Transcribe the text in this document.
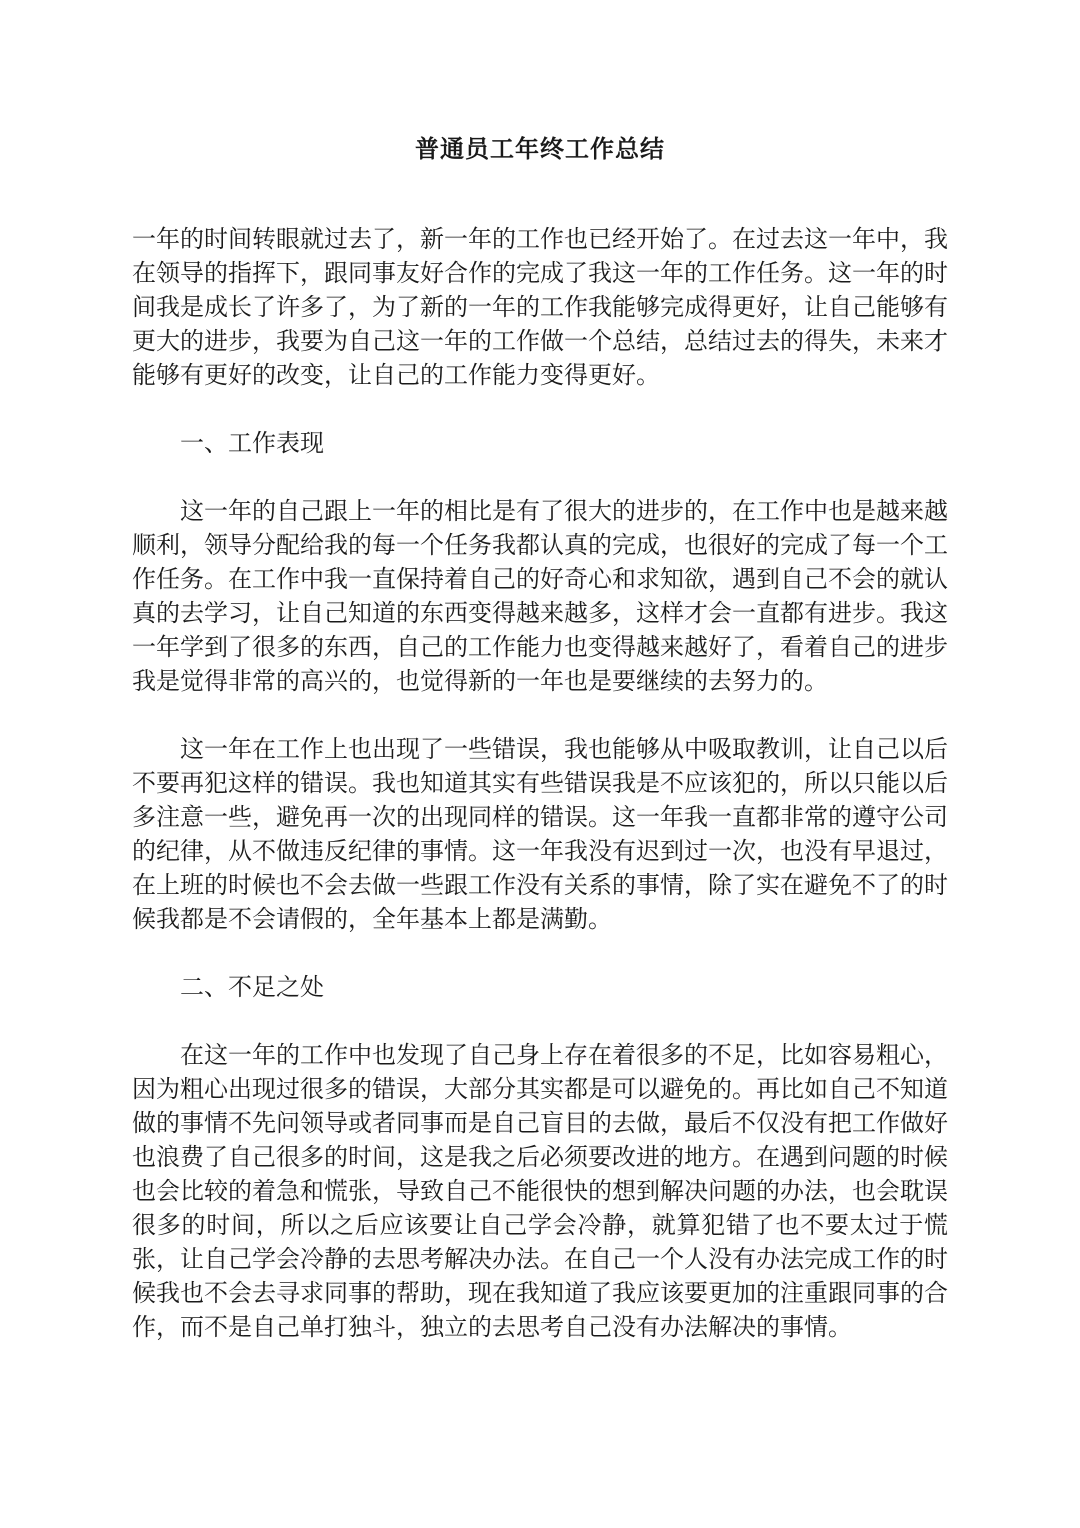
普通员工年终工作总结

一年的时间转眼就过去了，新一年的工作也已经开始了。在过去这一年中，我在领导的指挥下，跟同事友好合作的完成了我这一年的工作任务。这一年的时间我是成长了许多了，为了新的一年的工作我能够完成得更好，让自己能够有更大的进步，我要为自己这一年的工作做一个总结，总结过去的得失，未来才能够有更好的改变，让自己的工作能力变得更好。

一、工作表现

这一年的自己跟上一年的相比是有了很大的进步的，在工作中也是越来越顺利，领导分配给我的每一个任务我都认真的完成，也很好的完成了每一个工作任务。在工作中我一直保持着自己的好奇心和求知欲，遇到自己不会的就认真的去学习，让自己知道的东西变得越来越多，这样才会一直都有进步。我这一年学到了很多的东西，自己的工作能力也变得越来越好了，看着自己的进步我是觉得非常的高兴的，也觉得新的一年也是要继续的去努力的。

这一年在工作上也出现了一些错误，我也能够从中吸取教训，让自己以后不要再犯这样的错误。我也知道其实有些错误我是不应该犯的，所以只能以后多注意一些，避免再一次的出现同样的错误。这一年我一直都非常的遵守公司的纪律，从不做违反纪律的事情。这一年我没有迟到过一次，也没有早退过，在上班的时候也不会去做一些跟工作没有关系的事情，除了实在避免不了的时候我都是不会请假的，全年基本上都是满勤。

二、不足之处

在这一年的工作中也发现了自己身上存在着很多的不足，比如容易粗心，因为粗心出现过很多的错误，大部分其实都是可以避免的。再比如自己不知道做的事情不先问领导或者同事而是自己盲目的去做，最后不仅没有把工作做好也浪费了自己很多的时间，这是我之后必须要改进的地方。在遇到问题的时候也会比较的着急和慌张，导致自己不能很快的想到解决问题的办法，也会耽误很多的时间，所以之后应该要让自己学会冷静，就算犯错了也不要太过于慌张，让自己学会冷静的去思考解决办法。在自己一个人没有办法完成工作的时候我也不会去寻求同事的帮助，现在我知道了我应该要更加的注重跟同事的合作，而不是自己单打独斗，独立的去思考自己没有办法解决的事情。
